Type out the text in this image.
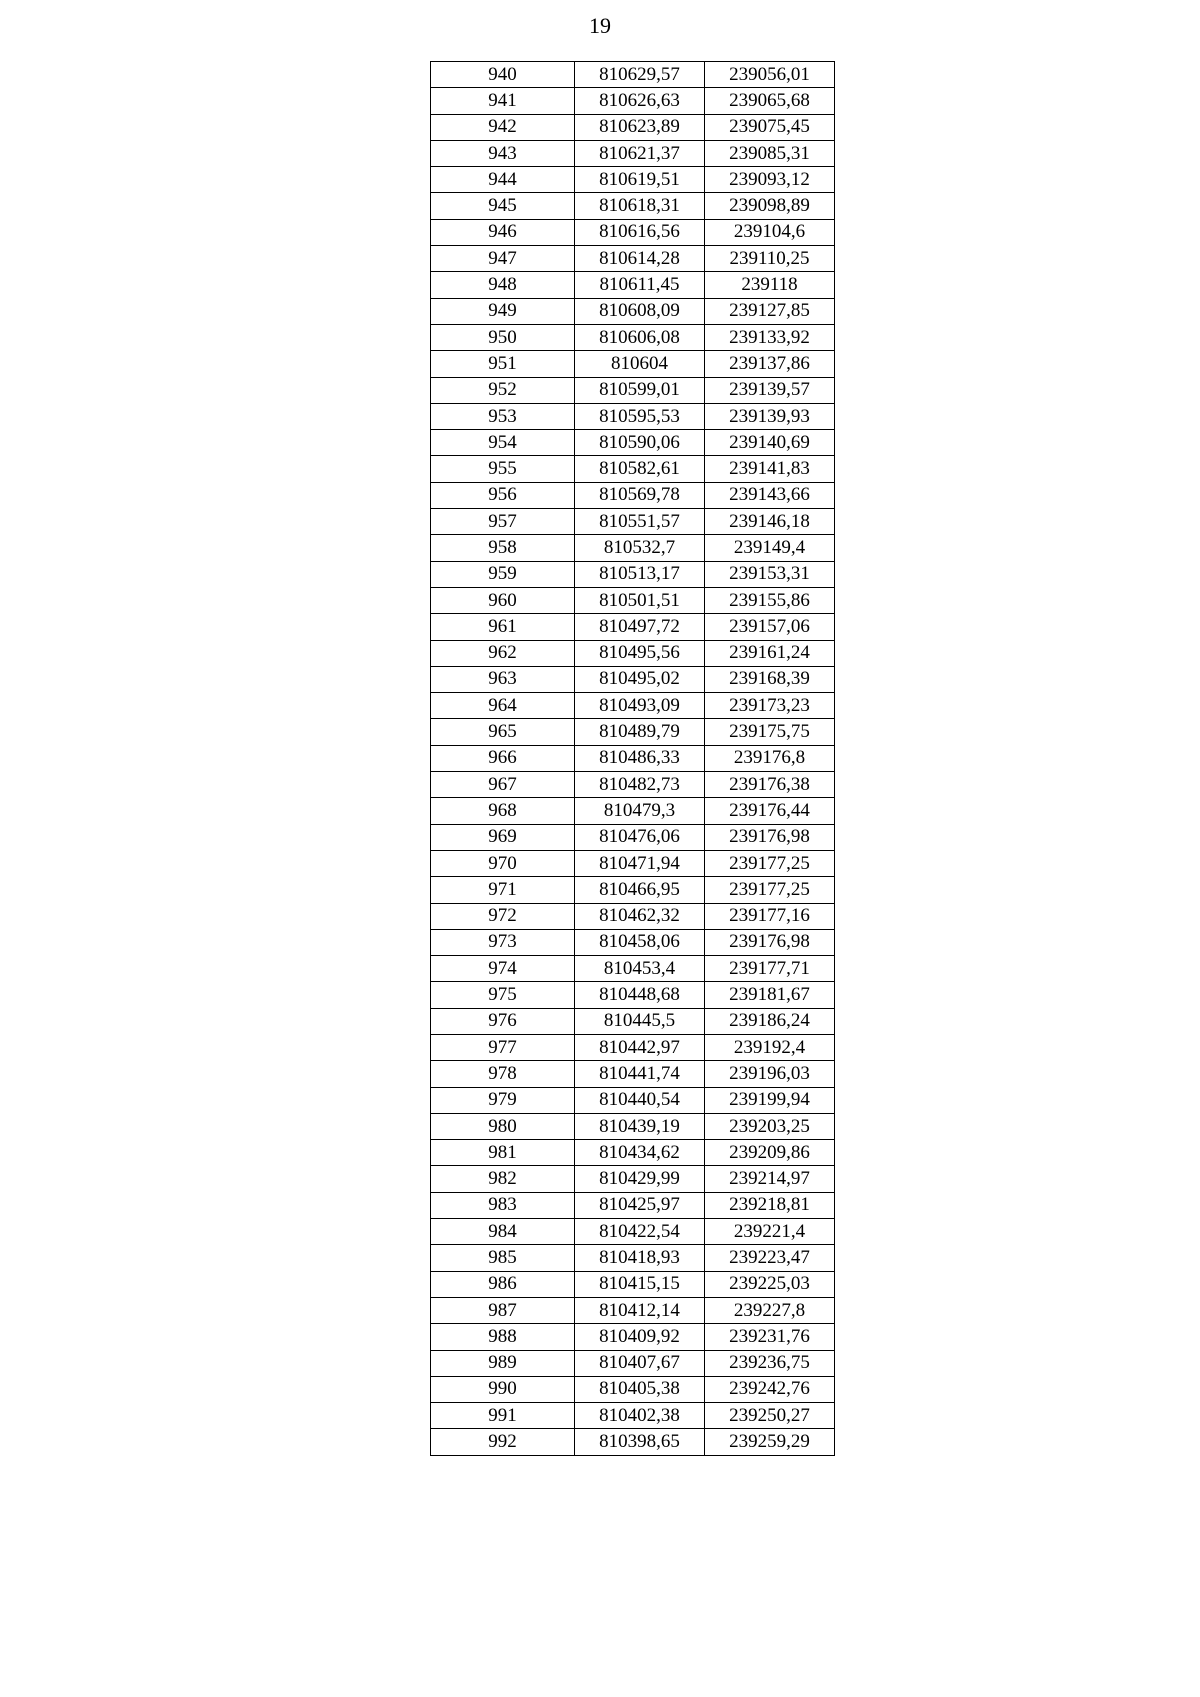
19
940	810629,57	239056,01
941	810626,63	239065,68
942	810623,89	239075,45
943	810621,37	239085,31
944	810619,51	239093,12
945	810618,31	239098,89
946	810616,56	239104,6
947	810614,28	239110,25
948	810611,45	239118
949	810608,09	239127,85
950	810606,08	239133,92
951	810604	239137,86
952	810599,01	239139,57
953	810595,53	239139,93
954	810590,06	239140,69
955	810582,61	239141,83
956	810569,78	239143,66
957	810551,57	239146,18
958	810532,7	239149,4
959	810513,17	239153,31
960	810501,51	239155,86
961	810497,72	239157,06
962	810495,56	239161,24
963	810495,02	239168,39
964	810493,09	239173,23
965	810489,79	239175,75
966	810486,33	239176,8
967	810482,73	239176,38
968	810479,3	239176,44
969	810476,06	239176,98
970	810471,94	239177,25
971	810466,95	239177,25
972	810462,32	239177,16
973	810458,06	239176,98
974	810453,4	239177,71
975	810448,68	239181,67
976	810445,5	239186,24
977	810442,97	239192,4
978	810441,74	239196,03
979	810440,54	239199,94
980	810439,19	239203,25
981	810434,62	239209,86
982	810429,99	239214,97
983	810425,97	239218,81
984	810422,54	239221,4
985	810418,93	239223,47
986	810415,15	239225,03
987	810412,14	239227,8
988	810409,92	239231,76
989	810407,67	239236,75
990	810405,38	239242,76
991	810402,38	239250,27
992	810398,65	239259,29
